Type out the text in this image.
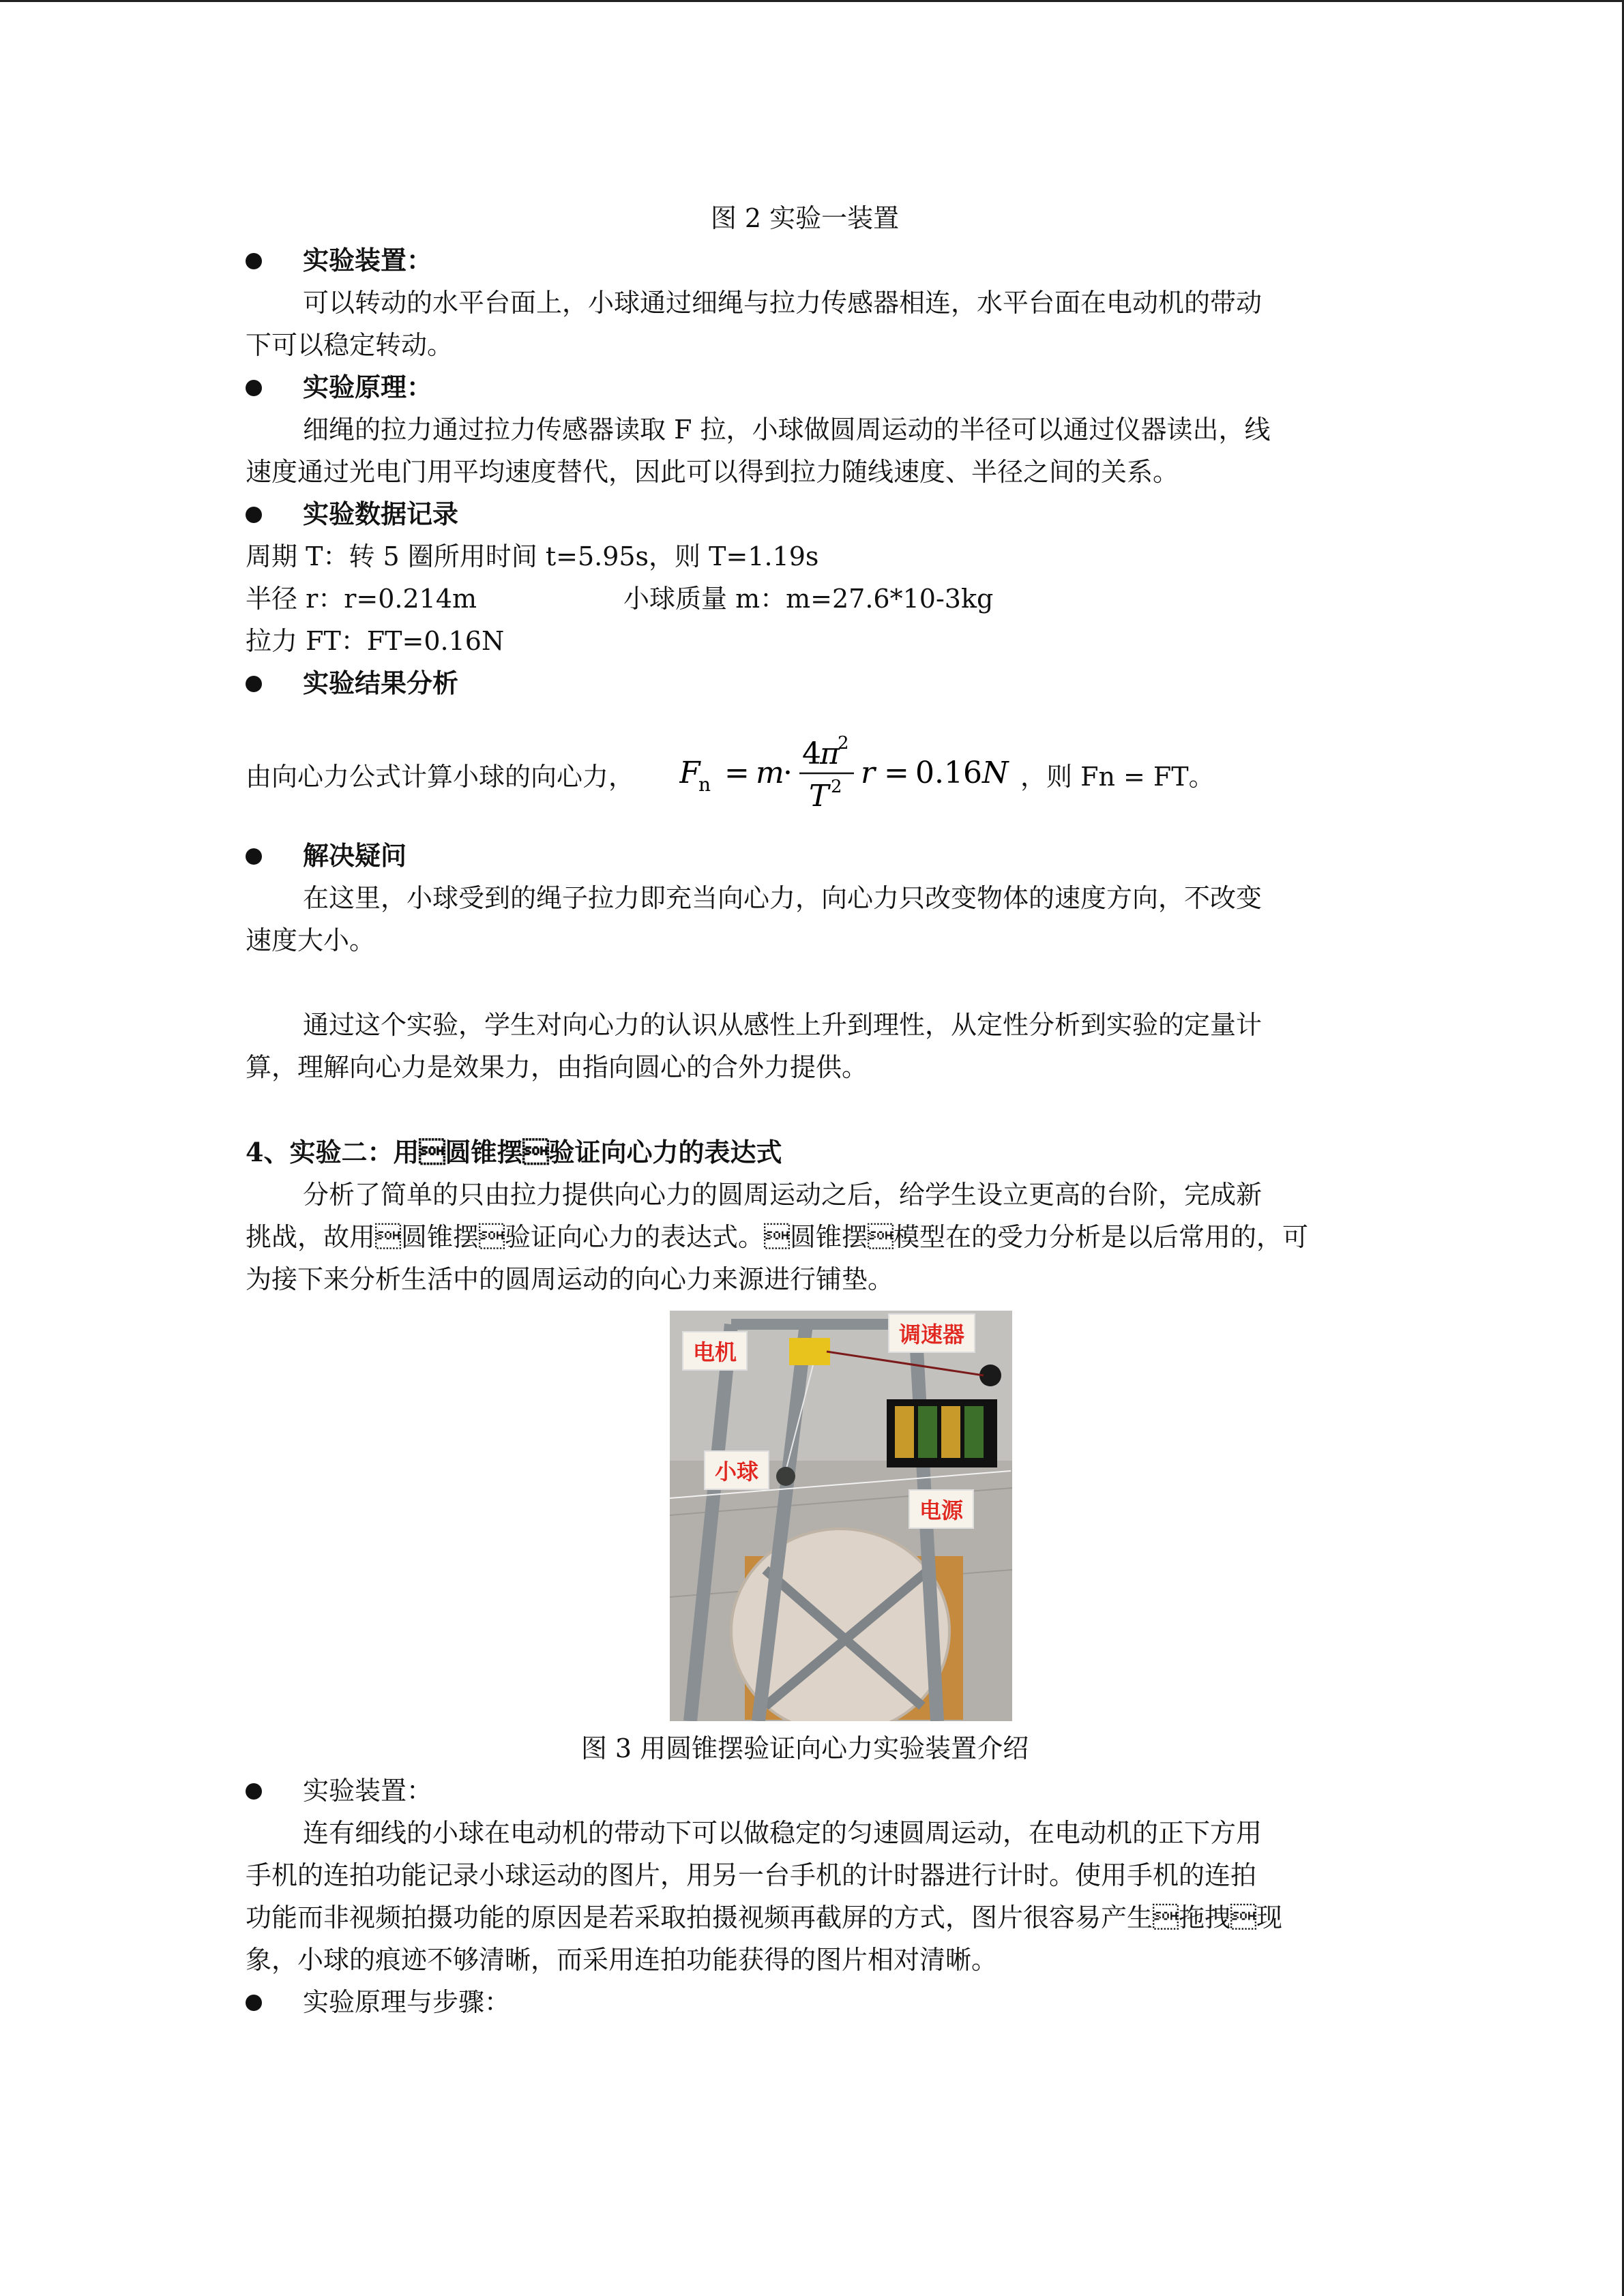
图 2 实验一装置
实验装置：
可以转动的水平台面上，小球通过细绳与拉力传感器相连，水平台面在电动机的带动
下可以稳定转动。
实验原理：
细绳的拉力通过拉力传感器读取 F 拉，小球做圆周运动的半径可以通过仪器读出，线
速度通过光电门用平均速度替代，因此可以得到拉力随线速度、半径之间的关系。
实验数据记录
周期 T：转 5 圈所用时间 t=5.95s，则 T=1.19s
半径 r：r=0.214m	小球质量 m：m=27.6*10-3kg
拉力 FT：FT=0.16N
实验结果分析
由向心力公式计算小球的向心力， F
n = m
·
4
π
2
T 2 r = 0.16 N ，则 Fn = FT。
解决疑问
在这里，小球受到的绳子拉力即充当向心力，向心力只改变物体的速度方向，不改变
速度大小。
通过这个实验，学生对向心力的认识从感性上升到理性，从定性分析到实验的定量计
算，理解向心力是效果力，由指向圆心的合外力提供。
4、实验二：用圆锥摆验证向心力的表达式
分析了简单的只由拉力提供向心力的圆周运动之后，给学生设立更高的台阶，完成新
挑战，故用圆锥摆验证向心力的表达式。圆锥摆模型在的受力分析是以后常用的，可
为接下来分析生活中的圆周运动的向心力来源进行铺垫。
电机
调速器
小球
电源
图 3 用圆锥摆验证向心力实验装置介绍
实验装置：
连有细线的小球在电动机的带动下可以做稳定的匀速圆周运动，在电动机的正下方用
手机的连拍功能记录小球运动的图片，用另一台手机的计时器进行计时。使用手机的连拍
功能而非视频拍摄功能的原因是若采取拍摄视频再截屏的方式，图片很容易产生拖拽现
象，小球的痕迹不够清晰，而采用连拍功能获得的图片相对清晰。
实验原理与步骤：
